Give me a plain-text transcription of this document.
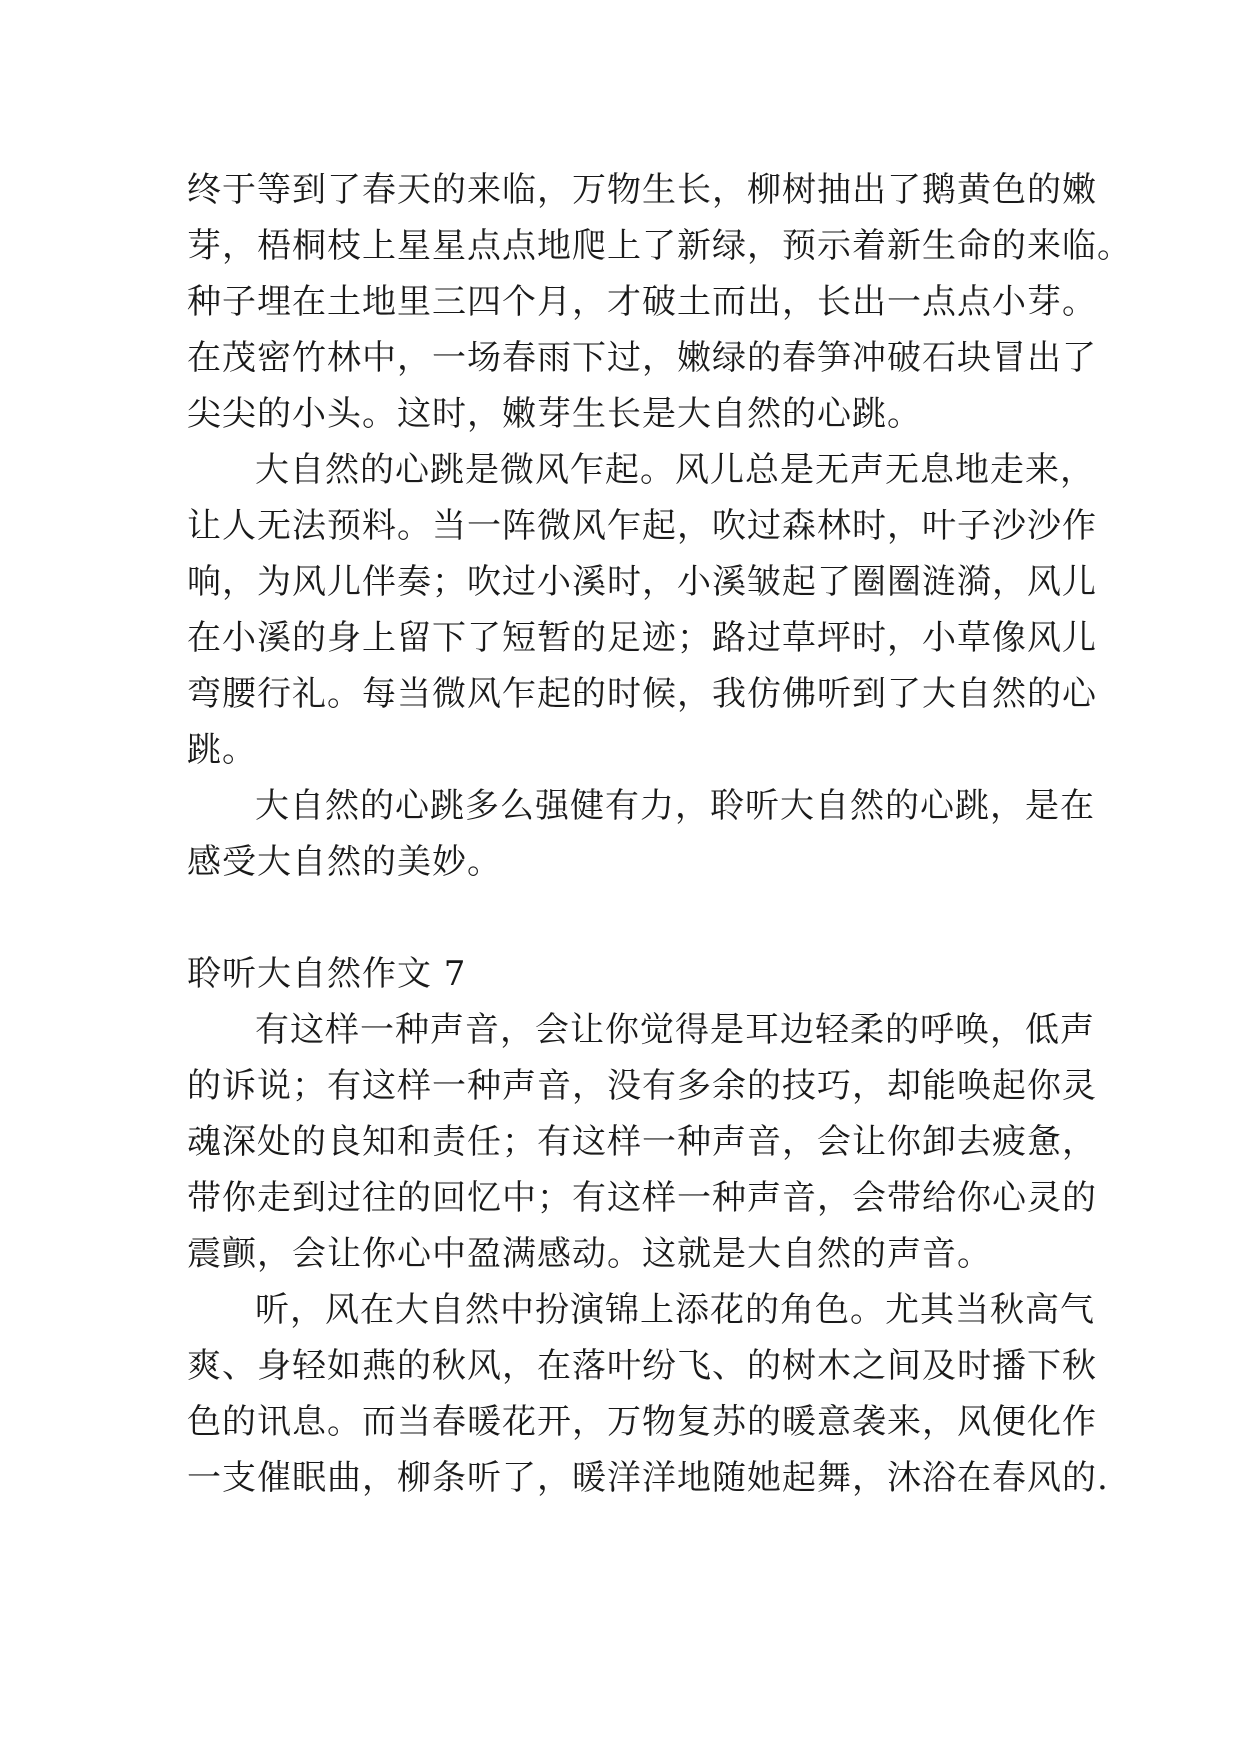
终于等到了春天的来临，万物生长，柳树抽出了鹅黄色的嫩
芽，梧桐枝上星星点点地爬上了新绿，预示着新生命的来临。
种子埋在土地里三四个月，才破土而出，长出一点点小芽。
在茂密竹林中，一场春雨下过，嫩绿的春笋冲破石块冒出了
尖尖的小头。这时，嫩芽生长是大自然的心跳。
大自然的心跳是微风乍起。风儿总是无声无息地走来，
让人无法预料。当一阵微风乍起，吹过森林时，叶子沙沙作
响，为风儿伴奏；吹过小溪时，小溪皱起了圈圈涟漪，风儿
在小溪的身上留下了短暂的足迹；路过草坪时，小草像风儿
弯腰行礼。每当微风乍起的时候，我仿佛听到了大自然的心
跳。
大自然的心跳多么强健有力，聆听大自然的心跳，是在
感受大自然的美妙。
聆听大自然作文 7
有这样一种声音，会让你觉得是耳边轻柔的呼唤，低声
的诉说；有这样一种声音，没有多余的技巧，却能唤起你灵
魂深处的良知和责任；有这样一种声音，会让你卸去疲惫，
带你走到过往的回忆中；有这样一种声音，会带给你心灵的
震颤，会让你心中盈满感动。这就是大自然的声音。
听，风在大自然中扮演锦上添花的角色。尤其当秋高气
爽、身轻如燕的秋风，在落叶纷飞、的树木之间及时播下秋
色的讯息。而当春暖花开，万物复苏的暖意袭来，风便化作
一支催眠曲，柳条听了，暖洋洋地随她起舞，沐浴在春风的.
